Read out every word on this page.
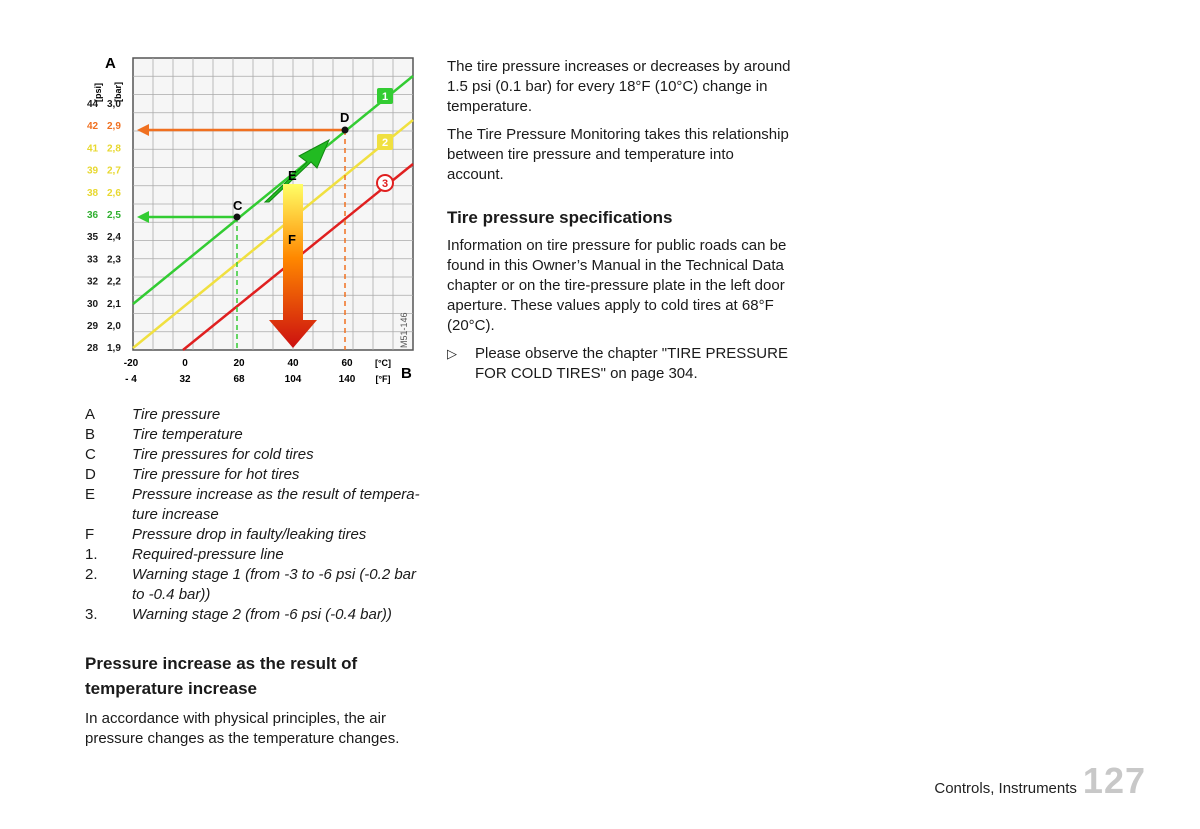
A
[psi] [bar]
44 3,0
42 2,9
41 2,8
39 2,7
38 2,6
36 2,5
35 2,4
33 2,3
32 2,2
30 2,1
29 2,0
28 1,9
-20
- 4
0
32
20
68
40
104
60
140
[°C]
[°F] B
C
D
E
F
1
2
3
M51-146
A	Tire pressure
B	Tire temperature
C	Tire pressures for cold tires
D	Tire pressure for hot tires
E	Pressure increase as the result of tempera- ture increase
F	Pressure drop in faulty/leaking tires
1.	Required-pressure line
2.	Warning stage 1 (from -3 to -6 psi (-0.2 bar to -0.4 bar))
3.	Warning stage 2 (from -6 psi (-0.4 bar))

Pressure increase as the result of temperature increase

In accordance with physical principles, the air pressure changes as the temperature changes.

The tire pressure increases or decreases by around 1.5 psi (0.1 bar) for every 18°F (10°C) change in temperature.

The Tire Pressure Monitoring takes this relationship between tire pressure and temperature into account.

Tire pressure specifications

Information on tire pressure for public roads can be found in this Owner’s Manual in the Technical Data chapter or on the tire-pressure plate in the left door aperture. These values apply to cold tires at 68°F (20°C).

▷	Please observe the chapter "TIRE PRESSURE FOR COLD TIRES" on page 304.
Controls, Instruments 127
